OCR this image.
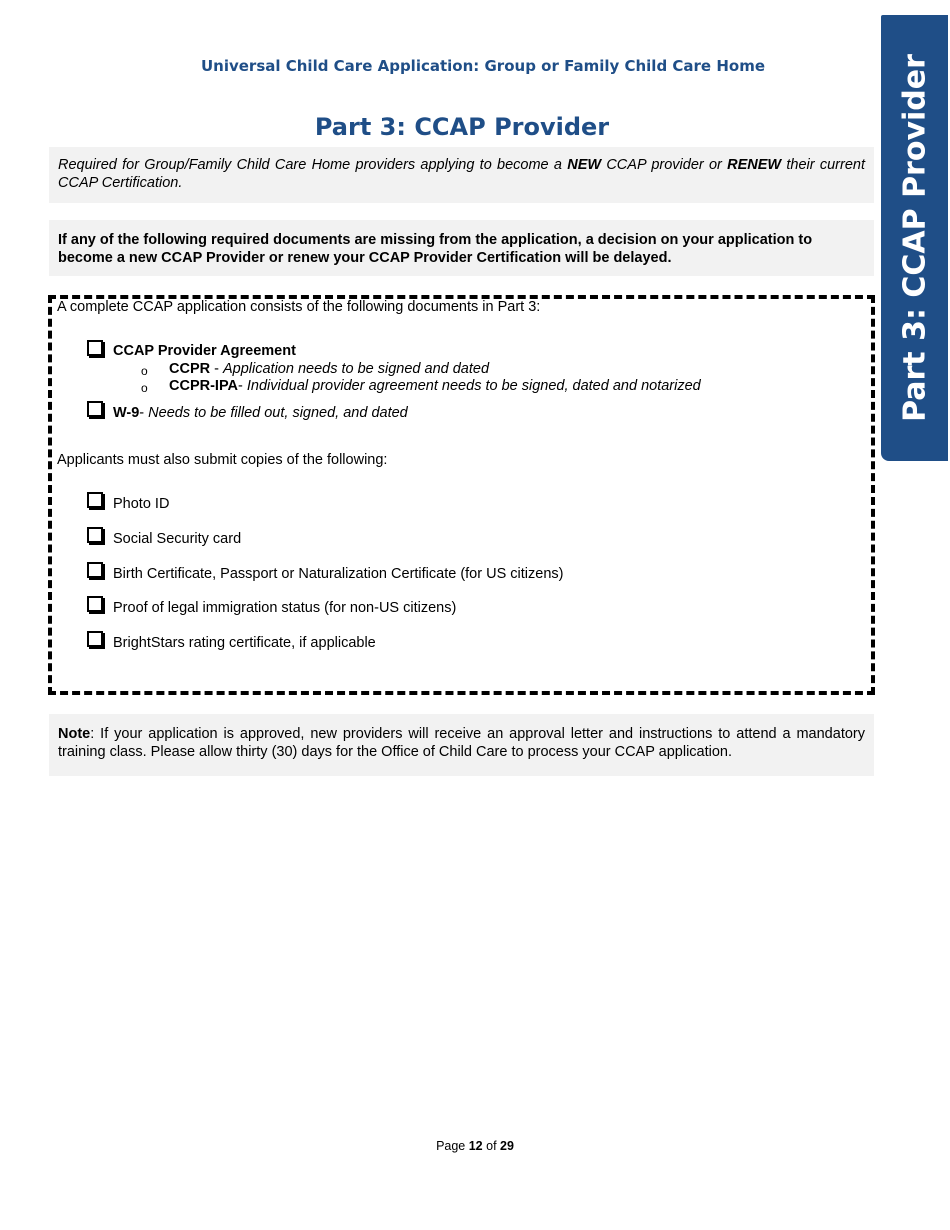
Universal Child Care Application: Group or Family Child Care Home	Part 3: CCAP Provider
Part 3: CCAP Provider
Required for Group/Family Child Care Home providers applying to become a NEW CCAP provider or RENEW their current CCAP Certification.
If any of the following required documents are missing from the application, a decision on your application to become a new CCAP Provider or renew your CCAP Provider Certification will be delayed.
A complete CCAP application consists of the following documents in Part 3:
CCAP Provider Agreement
o CCPR - Application needs to be signed and dated
o CCPR-IPA- Individual provider agreement needs to be signed, dated and notarized
W-9- Needs to be filled out, signed, and dated
Applicants must also submit copies of the following:
Photo ID
Social Security card
Birth Certificate, Passport or Naturalization Certificate (for US citizens)
Proof of legal immigration status (for non-US citizens)
BrightStars rating certificate, if applicable
Note: If your application is approved, new providers will receive an approval letter and instructions to attend a mandatory training class. Please allow thirty (30) days for the Office of Child Care to process your CCAP application.
Page 12 of 29
